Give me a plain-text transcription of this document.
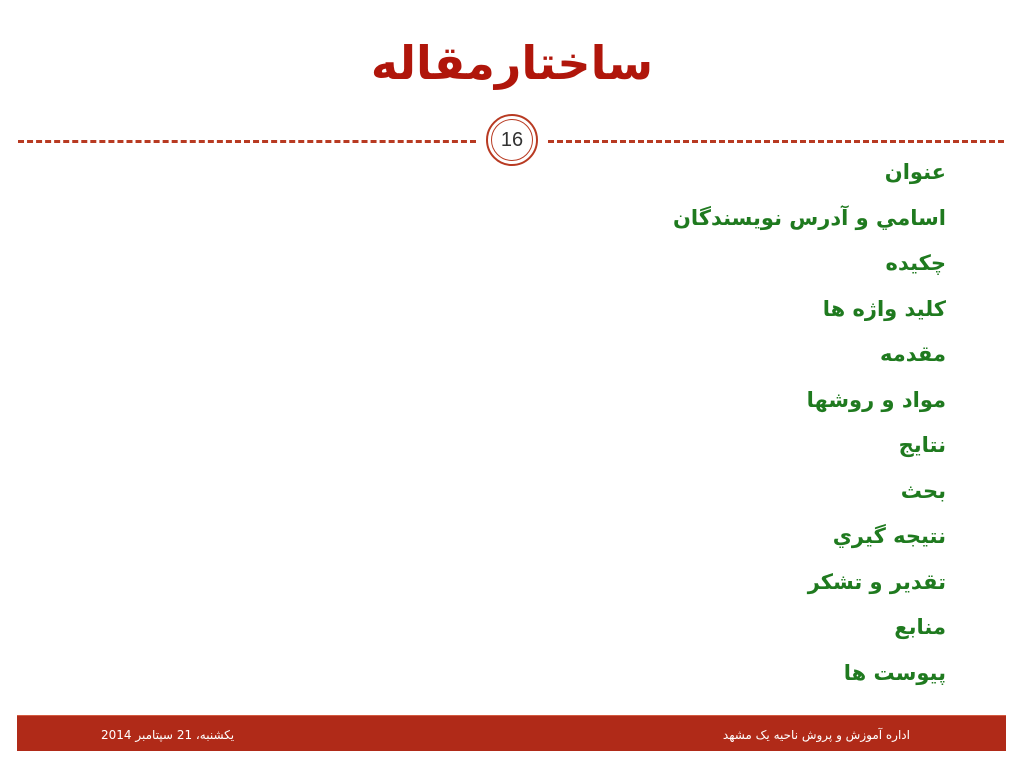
ساختارمقاله
16
عنوان
اسامي و آدرس نويسندگان
چکيده
کليد واژه ها
مقدمه
مواد و روشها
نتايج
بحث
نتيجه گيري
تقدير و تشکر
منابع
پيوست ها
یکشنبه، 21 سپتامبر 2014	اداره آموزش و پروش ناحيه يک مشهد
